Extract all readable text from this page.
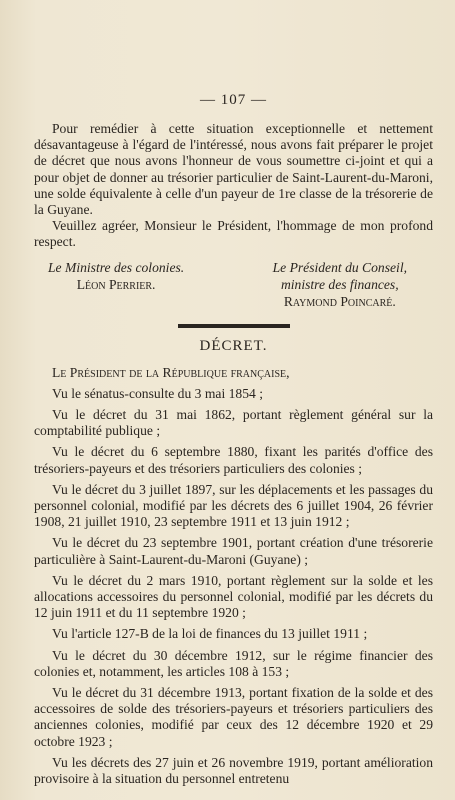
— 107 —

Pour remédier à cette situation exceptionnelle et nettement désavantageuse à l'égard de l'intéressé, nous avons fait préparer le projet de décret que nous avons l'honneur de vous soumettre ci-joint et qui a pour objet de donner au trésorier particulier de Saint-Laurent-du-Maroni, une solde équivalente à celle d'un payeur de 1re classe de la trésorerie de la Guyane.

Veuillez agréer, Monsieur le Président, l'hommage de mon profond respect.

Le Ministre des colonies.
Léon Perrier.
Le Président du Conseil,
ministre des finances,
Raymond Poincaré.
DÉCRET.

Le Président de la République française,

Vu le sénatus-consulte du 3 mai 1854 ;

Vu le décret du 31 mai 1862, portant règlement général sur la comptabilité publique ;

Vu le décret du 6 septembre 1880, fixant les parités d'office des trésoriers-payeurs et des trésoriers particuliers des colonies ;

Vu le décret du 3 juillet 1897, sur les déplacements et les passages du personnel colonial, modifié par les décrets des 6 juillet 1904, 26 février 1908, 21 juillet 1910, 23 septembre 1911 et 13 juin 1912 ;

Vu le décret du 23 septembre 1901, portant création d'une trésorerie particulière à Saint-Laurent-du-Maroni (Guyane) ;

Vu le décret du 2 mars 1910, portant règlement sur la solde et les allocations accessoires du personnel colonial, modifié par les décrets du 12 juin 1911 et du 11 septembre 1920 ;

Vu l'article 127-B de la loi de finances du 13 juillet 1911 ;

Vu le décret du 30 décembre 1912, sur le régime financier des colonies et, notamment, les articles 108 à 153 ;

Vu le décret du 31 décembre 1913, portant fixation de la solde et des accessoires de solde des trésoriers-payeurs et trésoriers particuliers des anciennes colonies, modifié par ceux des 12 décembre 1920 et 29 octobre 1923 ;

Vu les décrets des 27 juin et 26 novembre 1919, portant amélioration provisoire à la situation du personnel entretenu
